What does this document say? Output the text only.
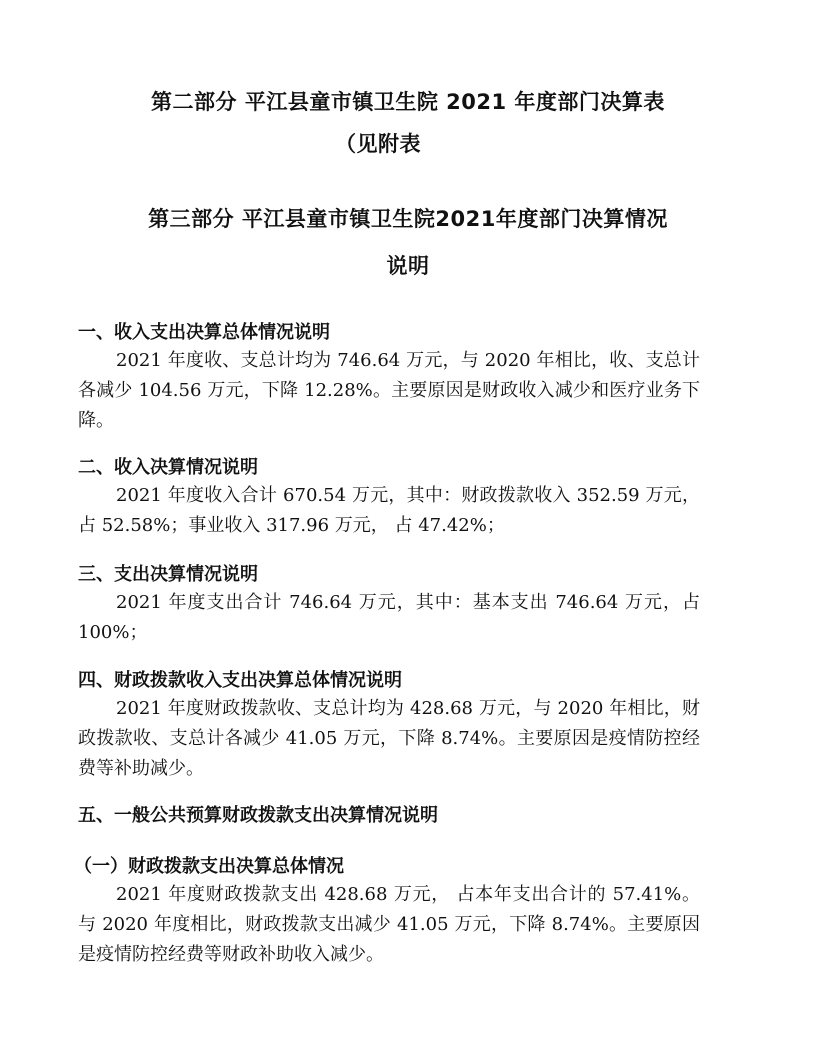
第二部分 平江县童市镇卫生院 2021 年度部门决算表
（见附表
第三部分 平江县童市镇卫生院2021年度部门决算情况
说明
一、收入支出决算总体情况说明
2021 年度收、支总计均为 746.64 万元，与 2020 年相比，收、支总计各减少 104.56 万元，下降 12.28%。主要原因是财政收入减少和医疗业务下降。
二、收入决算情况说明
2021 年度收入合计 670.54 万元，其中：财政拨款收入 352.59 万元， 占 52.58%；事业收入 317.96 万元， 占 47.42%；
三、支出决算情况说明
2021 年度支出合计 746.64 万元，其中：基本支出 746.64 万元，占 100%；
四、财政拨款收入支出决算总体情况说明
2021 年度财政拨款收、支总计均为 428.68 万元，与 2020 年相比，财政拨款收、支总计各减少 41.05 万元，下降 8.74%。主要原因是疫情防控经费等补助减少。
五、一般公共预算财政拨款支出决算情况说明
（一）财政拨款支出决算总体情况
2021 年度财政拨款支出 428.68 万元， 占本年支出合计的 57.41%。与 2020 年度相比，财政拨款支出减少 41.05 万元，下降 8.74%。主要原因是疫情防控经费等财政补助收入减少。
